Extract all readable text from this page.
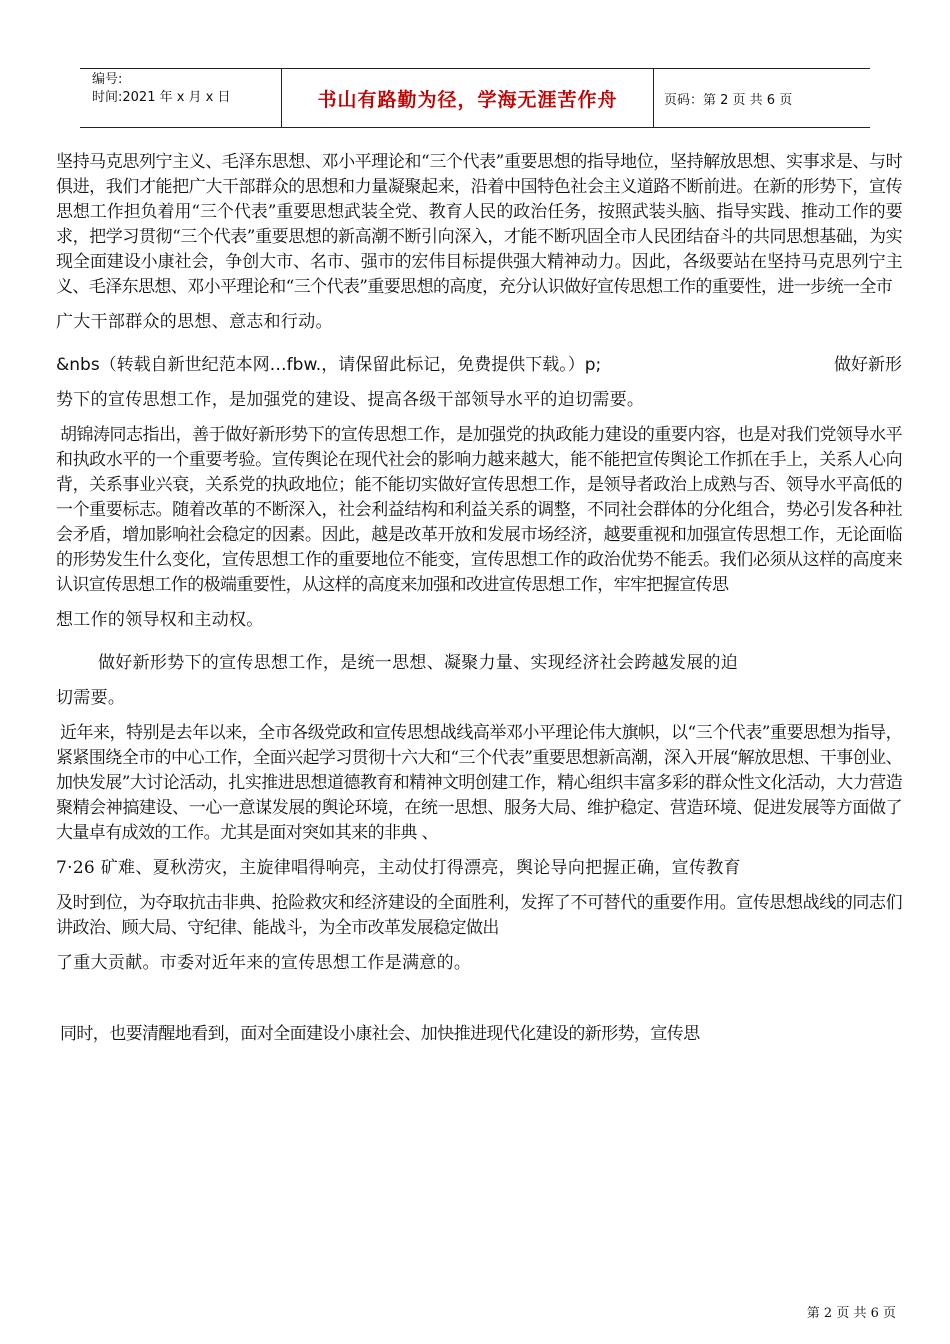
编号:
时间:2021 年 x 月 x 日	书山有路勤为径，学海无涯苦作舟	页码：第 2 页 共 6 页

坚持马克思列宁主义、毛泽东思想、邓小平理论和“三个代表”重要思想的指导地位，坚持解放思想、实事求是、与时俱进，我们才能把广大干部群众的思想和力量凝聚起来，沿着中国特色社会主义道路不断前进。在新的形势下，宣传思想工作担负着用“三个代表”重要思想武装全党、教育人民的政治任务，按照武装头脑、指导实践、推动工作的要求，把学习贯彻“三个代表”重要思想的新高潮不断引向深入，才能不断巩固全市人民团结奋斗的共同思想基础，为实现全面建设小康社会，争创大市、名市、强市的宏伟目标提供强大精神动力。因此，各级要站在坚持马克思列宁主义、毛泽东思想、邓小平理论和“三个代表”重要思想的高度，充分认识做好宣传思想工作的重要性，进一步统一全市

广大干部群众的思想、意志和行动。

&nbs（转载自新世纪范本网…fbw.，请保留此标记，免费提供下载。）p;	做好新形

势下的宣传思想工作，是加强党的建设、提高各级干部领导水平的迫切需要。

胡锦涛同志指出，善于做好新形势下的宣传思想工作，是加强党的执政能力建设的重要内容，也是对我们党领导水平和执政水平的一个重要考验。宣传舆论在现代社会的影响力越来越大，能不能把宣传舆论工作抓在手上，关系人心向背，关系事业兴衰，关系党的执政地位；能不能切实做好宣传思想工作，是领导者政治上成熟与否、领导水平高低的一个重要标志。随着改革的不断深入，社会利益结构和利益关系的调整，不同社会群体的分化组合，势必引发各种社会矛盾，增加影响社会稳定的因素。因此，越是改革开放和发展市场经济，越要重视和加强宣传思想工作，无论面临的形势发生什么变化，宣传思想工作的重要地位不能变，宣传思想工作的政治优势不能丢。我们必须从这样的高度来认识宣传思想工作的极端重要性，从这样的高度来加强和改进宣传思想工作，牢牢把握宣传思

想工作的领导权和主动权。

做好新形势下的宣传思想工作，是统一思想、凝聚力量、实现经济社会跨越发展的迫

切需要。

近年来，特别是去年以来，全市各级党政和宣传思想战线高举邓小平理论伟大旗帜，以“三个代表”重要思想为指导，紧紧围绕全市的中心工作，全面兴起学习贯彻十六大和“三个代表”重要思想新高潮，深入开展“解放思想、干事创业、加快发展”大讨论活动，扎实推进思想道德教育和精神文明创建工作，精心组织丰富多彩的群众性文化活动，大力营造聚精会神搞建设、一心一意谋发展的舆论环境，在统一思想、服务大局、维护稳定、营造环境、促进发展等方面做了大量卓有成效的工作。尤其是面对突如其来的非典 、

7·26 矿难、夏秋涝灾，主旋律唱得响亮，主动仗打得漂亮，舆论导向把握正确，宣传教育

及时到位，为夺取抗击非典、抢险救灾和经济建设的全面胜利，发挥了不可替代的重要作用。宣传思想战线的同志们讲政治、顾大局、守纪律、能战斗，为全市改革发展稳定做出

了重大贡献。市委对近年来的宣传思想工作是满意的。

同时，也要清醒地看到，面对全面建设小康社会、加快推进现代化建设的新形势，宣传思

第 2 页 共 6 页
